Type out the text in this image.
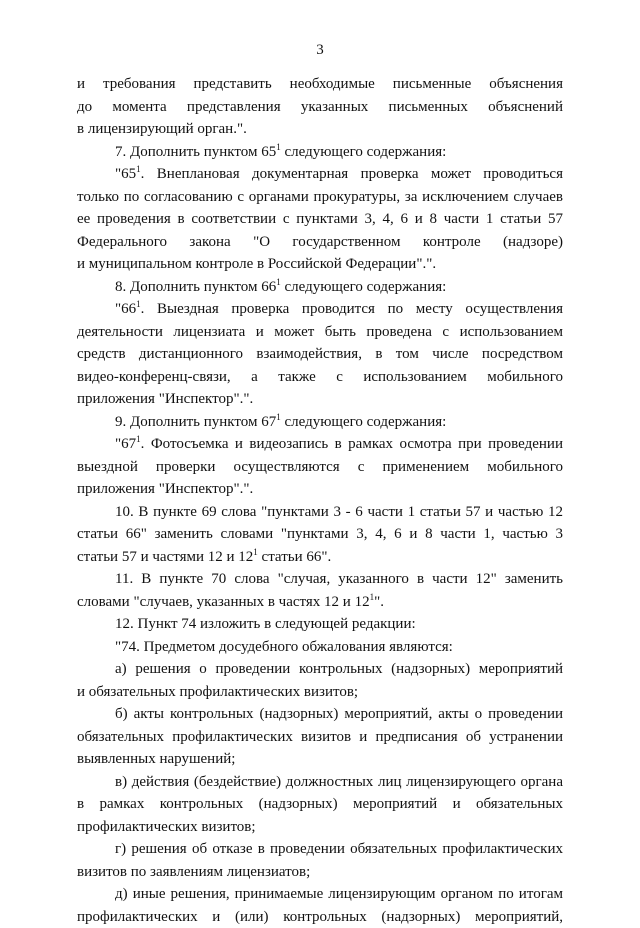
3
и требования представить необходимые письменные объяснения
до момента представления указанных письменных объяснений
в лицензирующий орган.".
7. Дополнить пунктом $65^1$ следующего содержания:
"$65^1$. Внеплановая документарная проверка может проводиться
только по согласованию с органами прокуратуры, за исключением случаев
ее проведения в соответствии с пунктами 3, 4, 6 и 8 части 1 статьи 57
Федерального закона "О государственном контроле (надзоре)
и муниципальном контроле в Российской Федерации".".
8. Дополнить пунктом $66^1$ следующего содержания:
"$66^1$. Выездная проверка проводится по месту осуществления
деятельности лицензиата и может быть проведена с использованием
средств дистанционного взаимодействия, в том числе посредством
видео-конференц-связи, а также с использованием мобильного
приложения "Инспектор".".
9. Дополнить пунктом $67^1$ следующего содержания:
"$67^1$. Фотосъемка и видеозапись в рамках осмотра при проведении
выездной проверки осуществляются с применением мобильного
приложения "Инспектор".".
10. В пункте 69 слова "пунктами 3 - 6 части 1 статьи 57 и частью 12
статьи 66" заменить словами "пунктами 3, 4, 6 и 8 части 1, частью 3
статьи 57 и частями 12 и $12^1$ статьи 66".
11. В пункте 70 слова "случая, указанного в части 12" заменить
словами "случаев, указанных в частях 12 и $12^1$".
12. Пункт 74 изложить в следующей редакции:
"74. Предметом досудебного обжалования являются:
а) решения о проведении контрольных (надзорных) мероприятий
и обязательных профилактических визитов;
б) акты контрольных (надзорных) мероприятий, акты о проведении
обязательных профилактических визитов и предписания об устранении
выявленных нарушений;
в) действия (бездействие) должностных лиц лицензирующего органа
в рамках контрольных (надзорных) мероприятий и обязательных
профилактических визитов;
г) решения об отказе в проведении обязательных профилактических
визитов по заявлениям лицензиатов;
д) иные решения, принимаемые лицензирующим органом по итогам
профилактических и (или) контрольных (надзорных) мероприятий,
